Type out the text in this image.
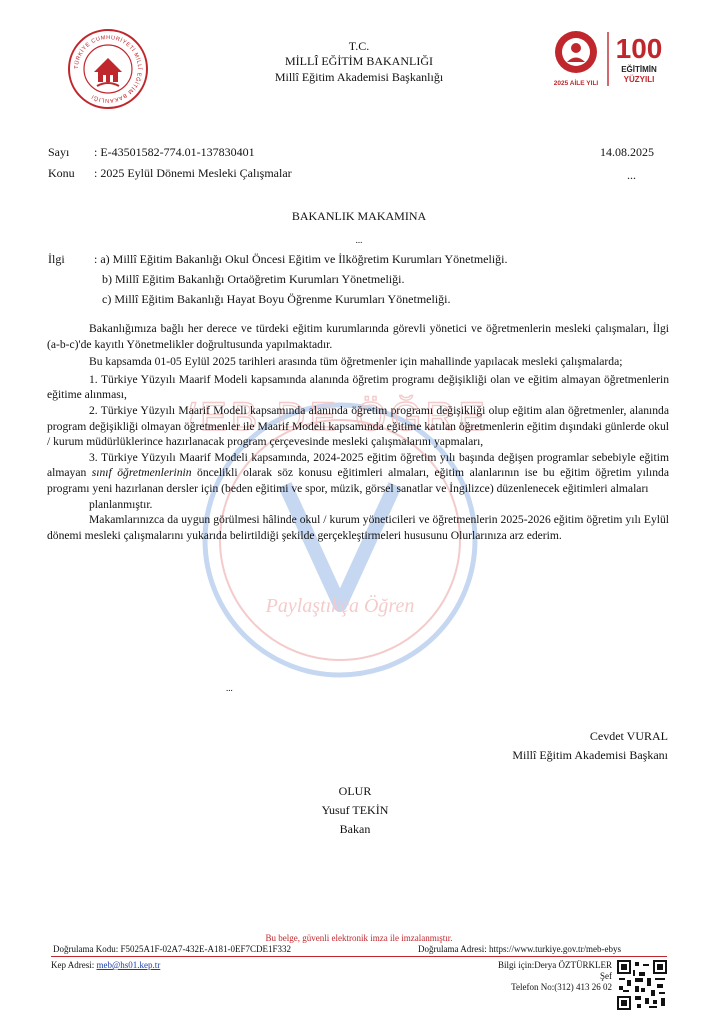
TÜRKİYE CUMHURİYETİ MİLLÎ EĞİTİM BAKANLIĞI
T.C.
MİLLÎ EĞİTİM BAKANLIĞI
Millî Eğitim Akademisi Başkanlığı	2025 AİLE YILI
100
EĞİTİMİN
YÜZYILI
Sayı : E-43501582-774.01-137830401	14.08.2025
Konu : 2025 Eylül Dönemi Mesleki Çalışmalar	...
BAKANLIK MAKAMINA
...
İlgi : a) Millî Eğitim Bakanlığı Okul Öncesi Eğitim ve İlköğretim Kurumları Yönetmeliği.
b) Millî Eğitim Bakanlığı Ortaöğretim Kurumları Yönetmeliği.
c) Millî Eğitim Bakanlığı Hayat Boyu Öğrenme Kurumları Yönetmeliği.
EB DE ÖĞRE
Paylaştıkça Öğren

Bakanlığımıza bağlı her derece ve türdeki eğitim kurumlarında görevli yönetici ve öğretmenlerin mesleki çalışmaları, İlgi (a-b-c)'de kayıtlı Yönetmelikler doğrultusunda yapılmaktadır.

Bu kapsamda 01-05 Eylül 2025 tarihleri arasında tüm öğretmenler için mahallinde yapılacak mesleki çalışmalarda;

1. Türkiye Yüzyılı Maarif Modeli kapsamında alanında öğretim programı değişikliği olan ve eğitim almayan öğretmenlerin eğitime alınması,

2. Türkiye Yüzyılı Maarif Modeli kapsamında alanında öğretim programı değişikliği olup eğitim alan öğretmenler, alanında program değişikliği olmayan öğretmenler ile Maarif Modeli kapsamında eğitime katılan öğretmenlerin eğitim dışındaki günlerde okul / kurum müdürlüklerince hazırlanacak program çerçevesinde mesleki çalışmalarını yapmaları,

3. Türkiye Yüzyılı Maarif Modeli kapsamında, 2024-2025 eğitim öğretim yılı başında değişen programlar sebebiyle eğitim almayan sınıf öğretmenlerinin öncelikli olarak söz konusu eğitimleri almaları, eğitim alanlarının ise bu eğitim öğretim yılında programı yeni hazırlanan dersler için (beden eğitimi ve spor, müzik, görsel sanatlar ve İngilizce) düzenlenecek eğitimleri almaları

planlanmıştır.

Makamlarınızca da uygun görülmesi hâlinde okul / kurum yöneticileri ve öğretmenlerin 2025-2026 eğitim öğretim yılı Eylül dönemi mesleki çalışmalarını yukarıda belirtildiği şekilde gerçekleştirmeleri hususunu Olurlarınıza arz ederim.

...
Cevdet VURAL
Millî Eğitim Akademisi Başkanı
OLUR
Yusuf TEKİN
Bakan
Bu belge, güvenli elektronik imza ile imzalanmıştır.
Doğrulama Kodu: F5025A1F-02A7-432E-A181-0EF7CDE1F332	Doğrulama Adresi: https://www.turkiye.gov.tr/meb-ebys
Kep Adresi: meb@hs01.kep.tr	Bilgi için:Derya ÖZTÜRKLER
Şef
Telefon No:(312) 413 26 02
